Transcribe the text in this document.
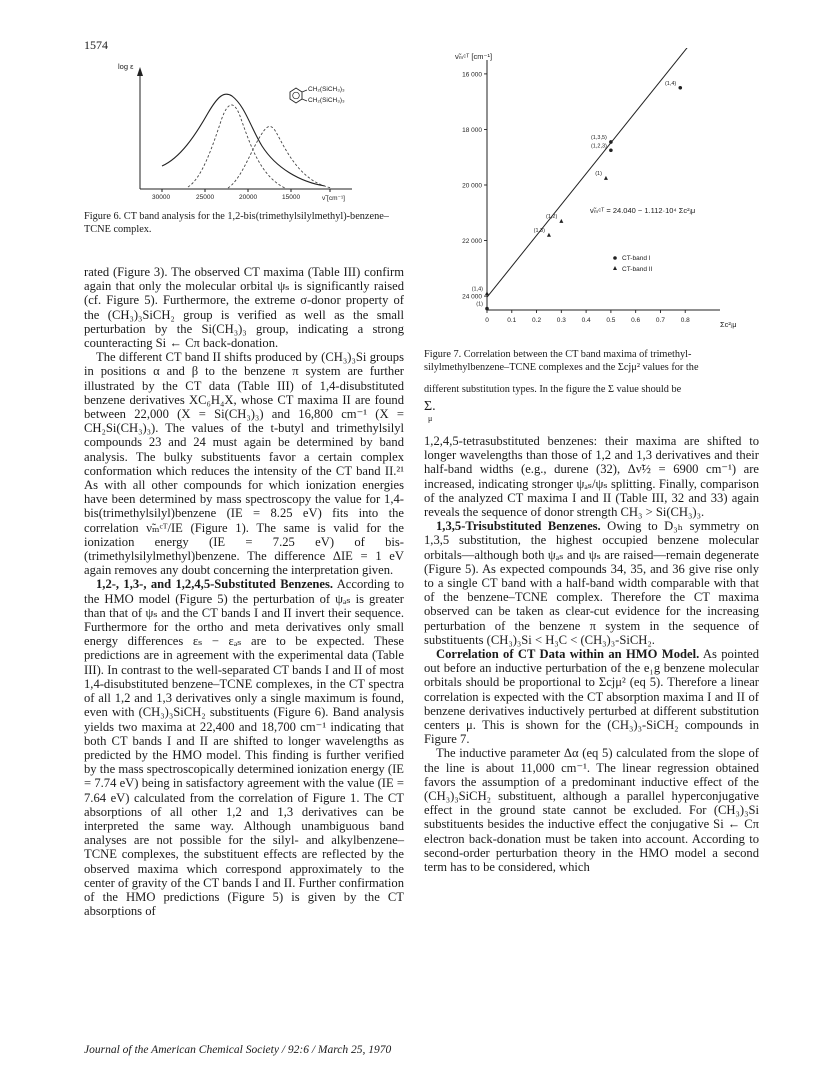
1574
log ε
CH₂(SiCH₃)₃
CH₂(SiCH₃)₃
30000	25000	20000	15000	ν̃ [cm⁻¹]
Figure 6. CT band analysis for the 1,2-bis(trimethylsilylmethyl)-benzene–TCNE complex.
16 000
18 000
20 000
22 000
24 000
0	0.1 0.2 0.3 0.4 0.5 0.6 0.7 0.8
(1)
(1,2,3)
(1,3,5)
(1,4)
(1,4)
(1,3)
(1,2)
(1)
ν̃ₘᶜᵀ [cm⁻¹]
ν̃ₘᶜᵀ = 24.040 − 1.112·10⁴ Σc²ⱼμ
CT-band I
CT-band II
Σc²ⱼμ
Figure 7. Correlation between the CT band maxima of trimethyl-
silylmethylbenzene–TCNE complexes and the Σcjμ² values for the
different substitution types. In the figure the Σ value should be
Σ.
μ

rated (Figure 3). The observed CT maxima (Table III) confirm again that only the molecular orbital ψₛ is significantly raised (cf. Figure 5). Furthermore, the extreme σ-donor property of the (CH₃)₃SiCH₂ group is verified as well as the small perturbation by the Si(CH₃)₃ group, indicating a strong counteracting Si ← Cπ back-donation.

The different CT band II shifts produced by (CH₃)₃Si groups in positions α and β to the benzene π system are further illustrated by the CT data (Table III) of 1,4-disubstituted benzene derivatives XC₆H₄X, whose CT maxima II are found between 22,000 (X = Si(CH₃)₃) and 16,800 cm⁻¹ (X = CH₂Si(CH₃)₃). The values of the t-butyl and trimethylsilyl compounds 23 and 24 must again be determined by band analysis. The bulky substituents favor a certain complex conformation which reduces the intensity of the CT band II.²¹ As with all other compounds for which ionization energies have been determined by mass spectroscopy the value for 1,4-bis(trimethylsilyl)benzene (IE = 8.25 eV) fits into the correlation ν̃ₘᶜᵀ/IE (Figure 1). The same is valid for the ionization energy (IE = 7.25 eV) of bis-(trimethylsilylmethyl)benzene. The difference ΔIE = 1 eV again removes any doubt concerning the interpretation given.

1,2-, 1,3-, and 1,2,4,5-Substituted Benzenes. According to the HMO model (Figure 5) the perturbation of ψₐₛ is greater than that of ψₛ and the CT bands I and II invert their sequence. Furthermore for the ortho and meta derivatives only small energy differences εₛ − εₐₛ are to be expected. These predictions are in agreement with the experimental data (Table III). In contrast to the well-separated CT bands I and II of most 1,4-disubstituted benzene–TCNE complexes, in the CT spectra of all 1,2 and 1,3 derivatives only a single maximum is found, even with (CH₃)₃SiCH₂ substituents (Figure 6). Band analysis yields two maxima at 22,400 and 18,700 cm⁻¹ indicating that both CT bands I and II are shifted to longer wavelengths as predicted by the HMO model. This finding is further verified by the mass spectroscopically determined ionization energy (IE = 7.74 eV) being in satisfactory agreement with the value (IE = 7.64 eV) calculated from the correlation of Figure 1. The CT absorptions of all other 1,2 and 1,3 derivatives can be interpreted the same way. Although unambiguous band analyses are not possible for the silyl- and alkylbenzene–TCNE complexes, the substituent effects are reflected by the observed maxima which correspond approximately to the center of gravity of the CT bands I and II. Further confirmation of the HMO predictions (Figure 5) is given by the CT absorptions of

1,2,4,5-tetrasubstituted benzenes: their maxima are shifted to longer wavelengths than those of 1,2 and 1,3 derivatives and their half-band widths (e.g., durene (32), Δν̃½ = 6900 cm⁻¹) are increased, indicating stronger ψₐₛ/ψₛ splitting. Finally, comparison of the analyzed CT maxima I and II (Table III, 32 and 33) again reveals the sequence of donor strength CH₃ > Si(CH₃)₃.

1,3,5-Trisubstituted Benzenes. Owing to D₃ₕ symmetry on 1,3,5 substitution, the highest occupied benzene molecular orbitals—although both ψₐₛ and ψₛ are raised—remain degenerate (Figure 5). As expected compounds 34, 35, and 36 give rise only to a single CT band with a half-band width comparable with that of the benzene–TCNE complex. Therefore the CT maxima observed can be taken as clear-cut evidence for the increasing perturbation of the benzene π system in the sequence of substituents (CH₃)₃Si < H₃C < (CH₃)₃-SiCH₂.

Correlation of CT Data within an HMO Model. As pointed out before an inductive perturbation of the e₁g benzene molecular orbitals should be proportional to Σcjμ² (eq 5). Therefore a linear correlation is expected with the CT absorption maxima I and II of benzene derivatives inductively perturbed at different substitution centers μ. This is shown for the (CH₃)₃-SiCH₂ compounds in Figure 7.

The inductive parameter Δα (eq 5) calculated from the slope of the line is about 11,000 cm⁻¹. The linear regression obtained favors the assumption of a predominant inductive effect of the (CH₃)₃SiCH₂ substituent, although a parallel hyperconjugative effect in the ground state cannot be excluded. For (CH₃)₃Si substituents besides the inductive effect the conjugative Si ← Cπ electron back-donation must be taken into account. According to second-order perturbation theory in the HMO model a second term has to be considered, which

Journal of the American Chemical Society / 92:6 / March 25, 1970
